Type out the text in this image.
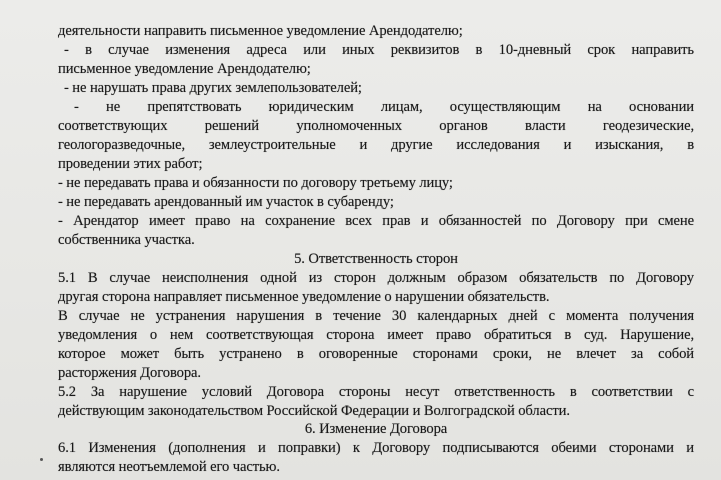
деятельности направить письменное уведомление Арендодателю;
- в случае изменения адреса или иных реквизитов в 10-дневный срок направить
письменное уведомление Арендодателю;
- не нарушать права других землепользователей;
- не препятствовать юридическим лицам, осуществляющим на основании
соответствующих решений уполномоченных органов власти геодезические,
геологоразведочные, землеустроительные и другие исследования и изыскания, в
проведении этих работ;
- не передавать права и обязанности по договору третьему лицу;
- не передавать арендованный им участок в субаренду;
- Арендатор имеет право на сохранение всех прав и обязанностей по Договору при смене
собственника участка.
5. Ответственность сторон
5.1 В случае неисполнения одной из сторон должным образом обязательств по Договору
другая сторона направляет письменное уведомление о нарушении обязательств.
В случае не устранения нарушения в течение 30 календарных дней с момента получения
уведомления о нем соответствующая сторона имеет право обратиться в суд. Нарушение,
которое может быть устранено в оговоренные сторонами сроки, не влечет за собой
расторжения Договора.
5.2 За нарушение условий Договора стороны несут ответственность в соответствии с
действующим законодательством Российской Федерации и Волгоградской области.
6. Изменение Договора
6.1 Изменения (дополнения и поправки) к Договору подписываются обеими сторонами и
являются неотъемлемой его частью.
